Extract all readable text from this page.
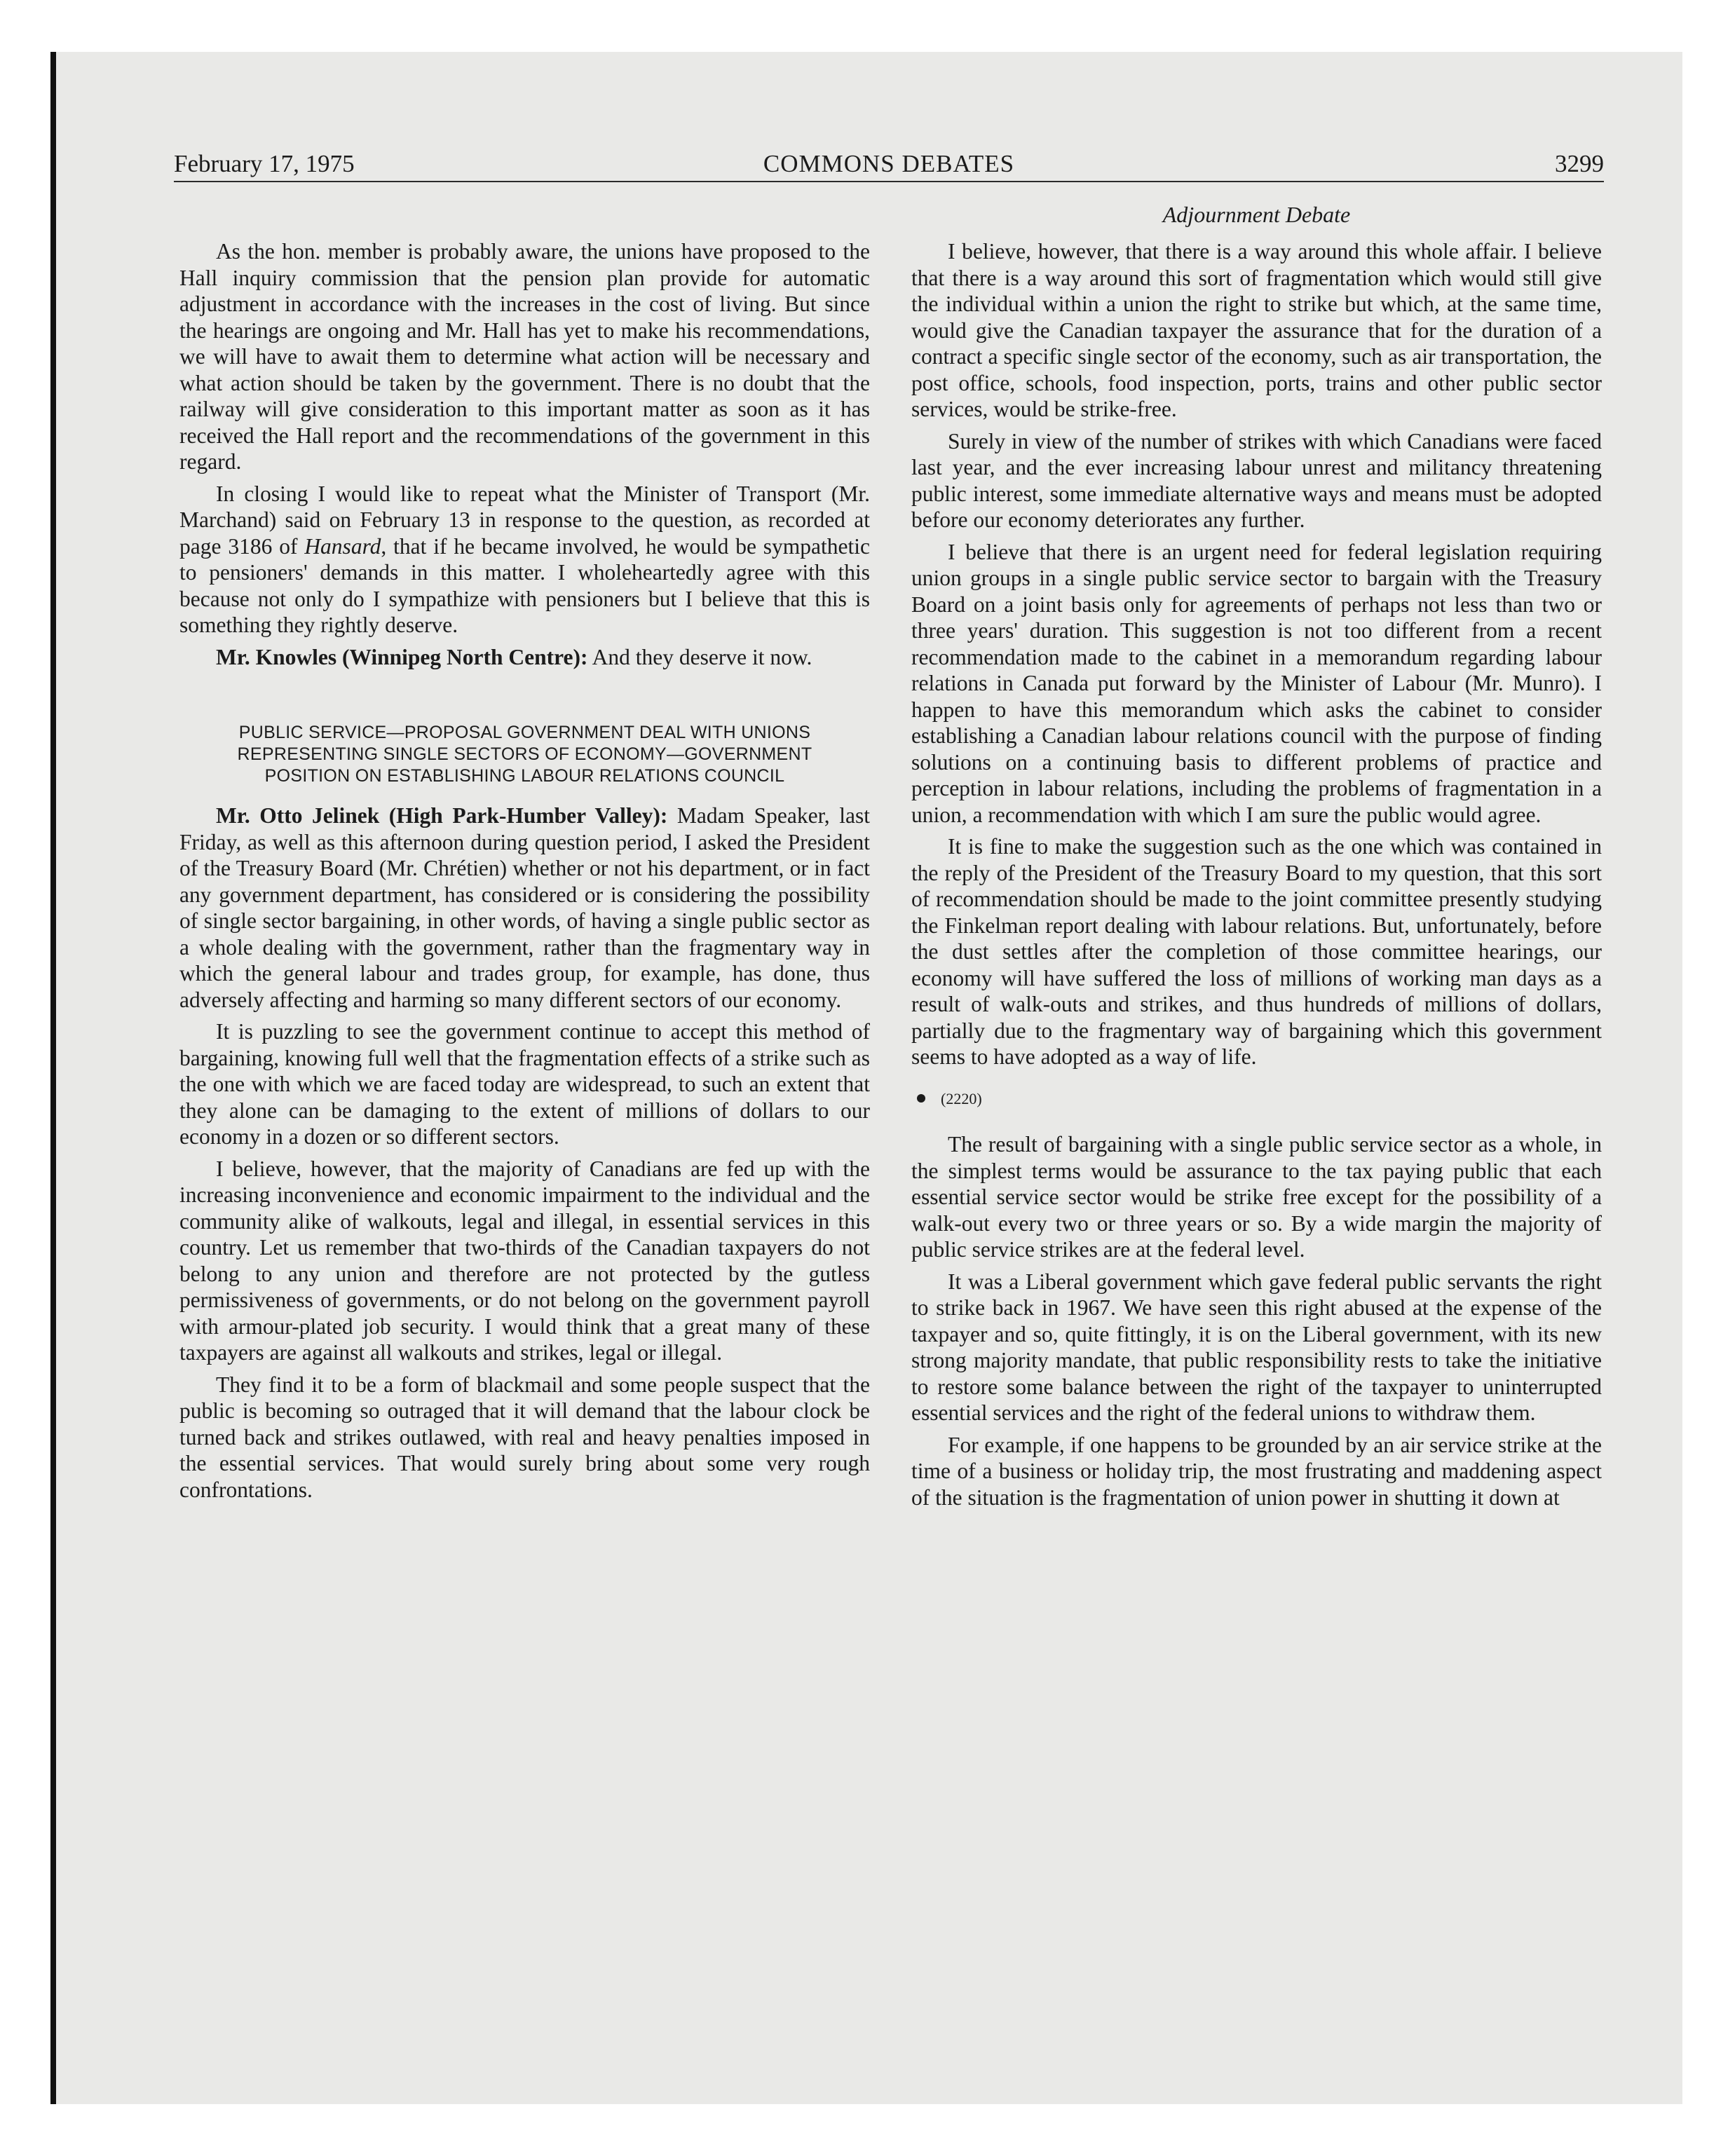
February 17, 1975	COMMONS DEBATES	3299
Adjournment Debate

As the hon. member is probably aware, the unions have proposed to the Hall inquiry commission that the pension plan provide for automatic adjustment in accordance with the increases in the cost of living. But since the hearings are ongoing and Mr. Hall has yet to make his recommendations, we will have to await them to determine what action will be necessary and what action should be taken by the government. There is no doubt that the railway will give consideration to this important matter as soon as it has received the Hall report and the recommendations of the government in this regard.

In closing I would like to repeat what the Minister of Transport (Mr. Marchand) said on February 13 in response to the question, as recorded at page 3186 of Hansard, that if he became involved, he would be sympathetic to pensioners' demands in this matter. I wholeheartedly agree with this because not only do I sympathize with pensioners but I believe that this is something they rightly deserve.

Mr. Knowles (Winnipeg North Centre): And they deserve it now.

PUBLIC SERVICE—PROPOSAL GOVERNMENT DEAL WITH UNIONS REPRESENTING SINGLE SECTORS OF ECONOMY—GOVERNMENT POSITION ON ESTABLISHING LABOUR RELATIONS COUNCIL

Mr. Otto Jelinek (High Park-Humber Valley): Madam Speaker, last Friday, as well as this afternoon during question period, I asked the President of the Treasury Board (Mr. Chrétien) whether or not his department, or in fact any government department, has considered or is considering the possibility of single sector bargaining, in other words, of having a single public sector as a whole dealing with the government, rather than the fragmentary way in which the general labour and trades group, for example, has done, thus adversely affecting and harming so many different sectors of our economy.

It is puzzling to see the government continue to accept this method of bargaining, knowing full well that the fragmentation effects of a strike such as the one with which we are faced today are widespread, to such an extent that they alone can be damaging to the extent of millions of dollars to our economy in a dozen or so different sectors.

I believe, however, that the majority of Canadians are fed up with the increasing inconvenience and economic impairment to the individual and the community alike of walkouts, legal and illegal, in essential services in this country. Let us remember that two-thirds of the Canadian taxpayers do not belong to any union and therefore are not protected by the gutless permissiveness of governments, or do not belong on the government payroll with armour-plated job security. I would think that a great many of these taxpayers are against all walkouts and strikes, legal or illegal.

They find it to be a form of blackmail and some people suspect that the public is becoming so outraged that it will demand that the labour clock be turned back and strikes outlawed, with real and heavy penalties imposed in the essential services. That would surely bring about some very rough confrontations.

I believe, however, that there is a way around this whole affair. I believe that there is a way around this sort of fragmentation which would still give the individual within a union the right to strike but which, at the same time, would give the Canadian taxpayer the assurance that for the duration of a contract a specific single sector of the economy, such as air transportation, the post office, schools, food inspection, ports, trains and other public sector services, would be strike-free.

Surely in view of the number of strikes with which Canadians were faced last year, and the ever increasing labour unrest and militancy threatening public interest, some immediate alternative ways and means must be adopted before our economy deteriorates any further.

I believe that there is an urgent need for federal legislation requiring union groups in a single public service sector to bargain with the Treasury Board on a joint basis only for agreements of perhaps not less than two or three years' duration. This suggestion is not too different from a recent recommendation made to the cabinet in a memorandum regarding labour relations in Canada put forward by the Minister of Labour (Mr. Munro). I happen to have this memorandum which asks the cabinet to consider establishing a Canadian labour relations council with the purpose of finding solutions on a continuing basis to different problems of practice and perception in labour relations, including the problems of fragmentation in a union, a recommendation with which I am sure the public would agree.

It is fine to make the suggestion such as the one which was contained in the reply of the President of the Treasury Board to my question, that this sort of recommendation should be made to the joint committee presently studying the Finkelman report dealing with labour relations. But, unfortunately, before the dust settles after the completion of those committee hearings, our economy will have suffered the loss of millions of working man days as a result of walk-outs and strikes, and thus hundreds of millions of dollars, partially due to the fragmentary way of bargaining which this government seems to have adopted as a way of life.

(2220)

The result of bargaining with a single public service sector as a whole, in the simplest terms would be assurance to the tax paying public that each essential service sector would be strike free except for the possibility of a walk-out every two or three years or so. By a wide margin the majority of public service strikes are at the federal level.

It was a Liberal government which gave federal public servants the right to strike back in 1967. We have seen this right abused at the expense of the taxpayer and so, quite fittingly, it is on the Liberal government, with its new strong majority mandate, that public responsibility rests to take the initiative to restore some balance between the right of the taxpayer to uninterrupted essential services and the right of the federal unions to withdraw them.

For example, if one happens to be grounded by an air service strike at the time of a business or holiday trip, the most frustrating and maddening aspect of the situation is the fragmentation of union power in shutting it down at
